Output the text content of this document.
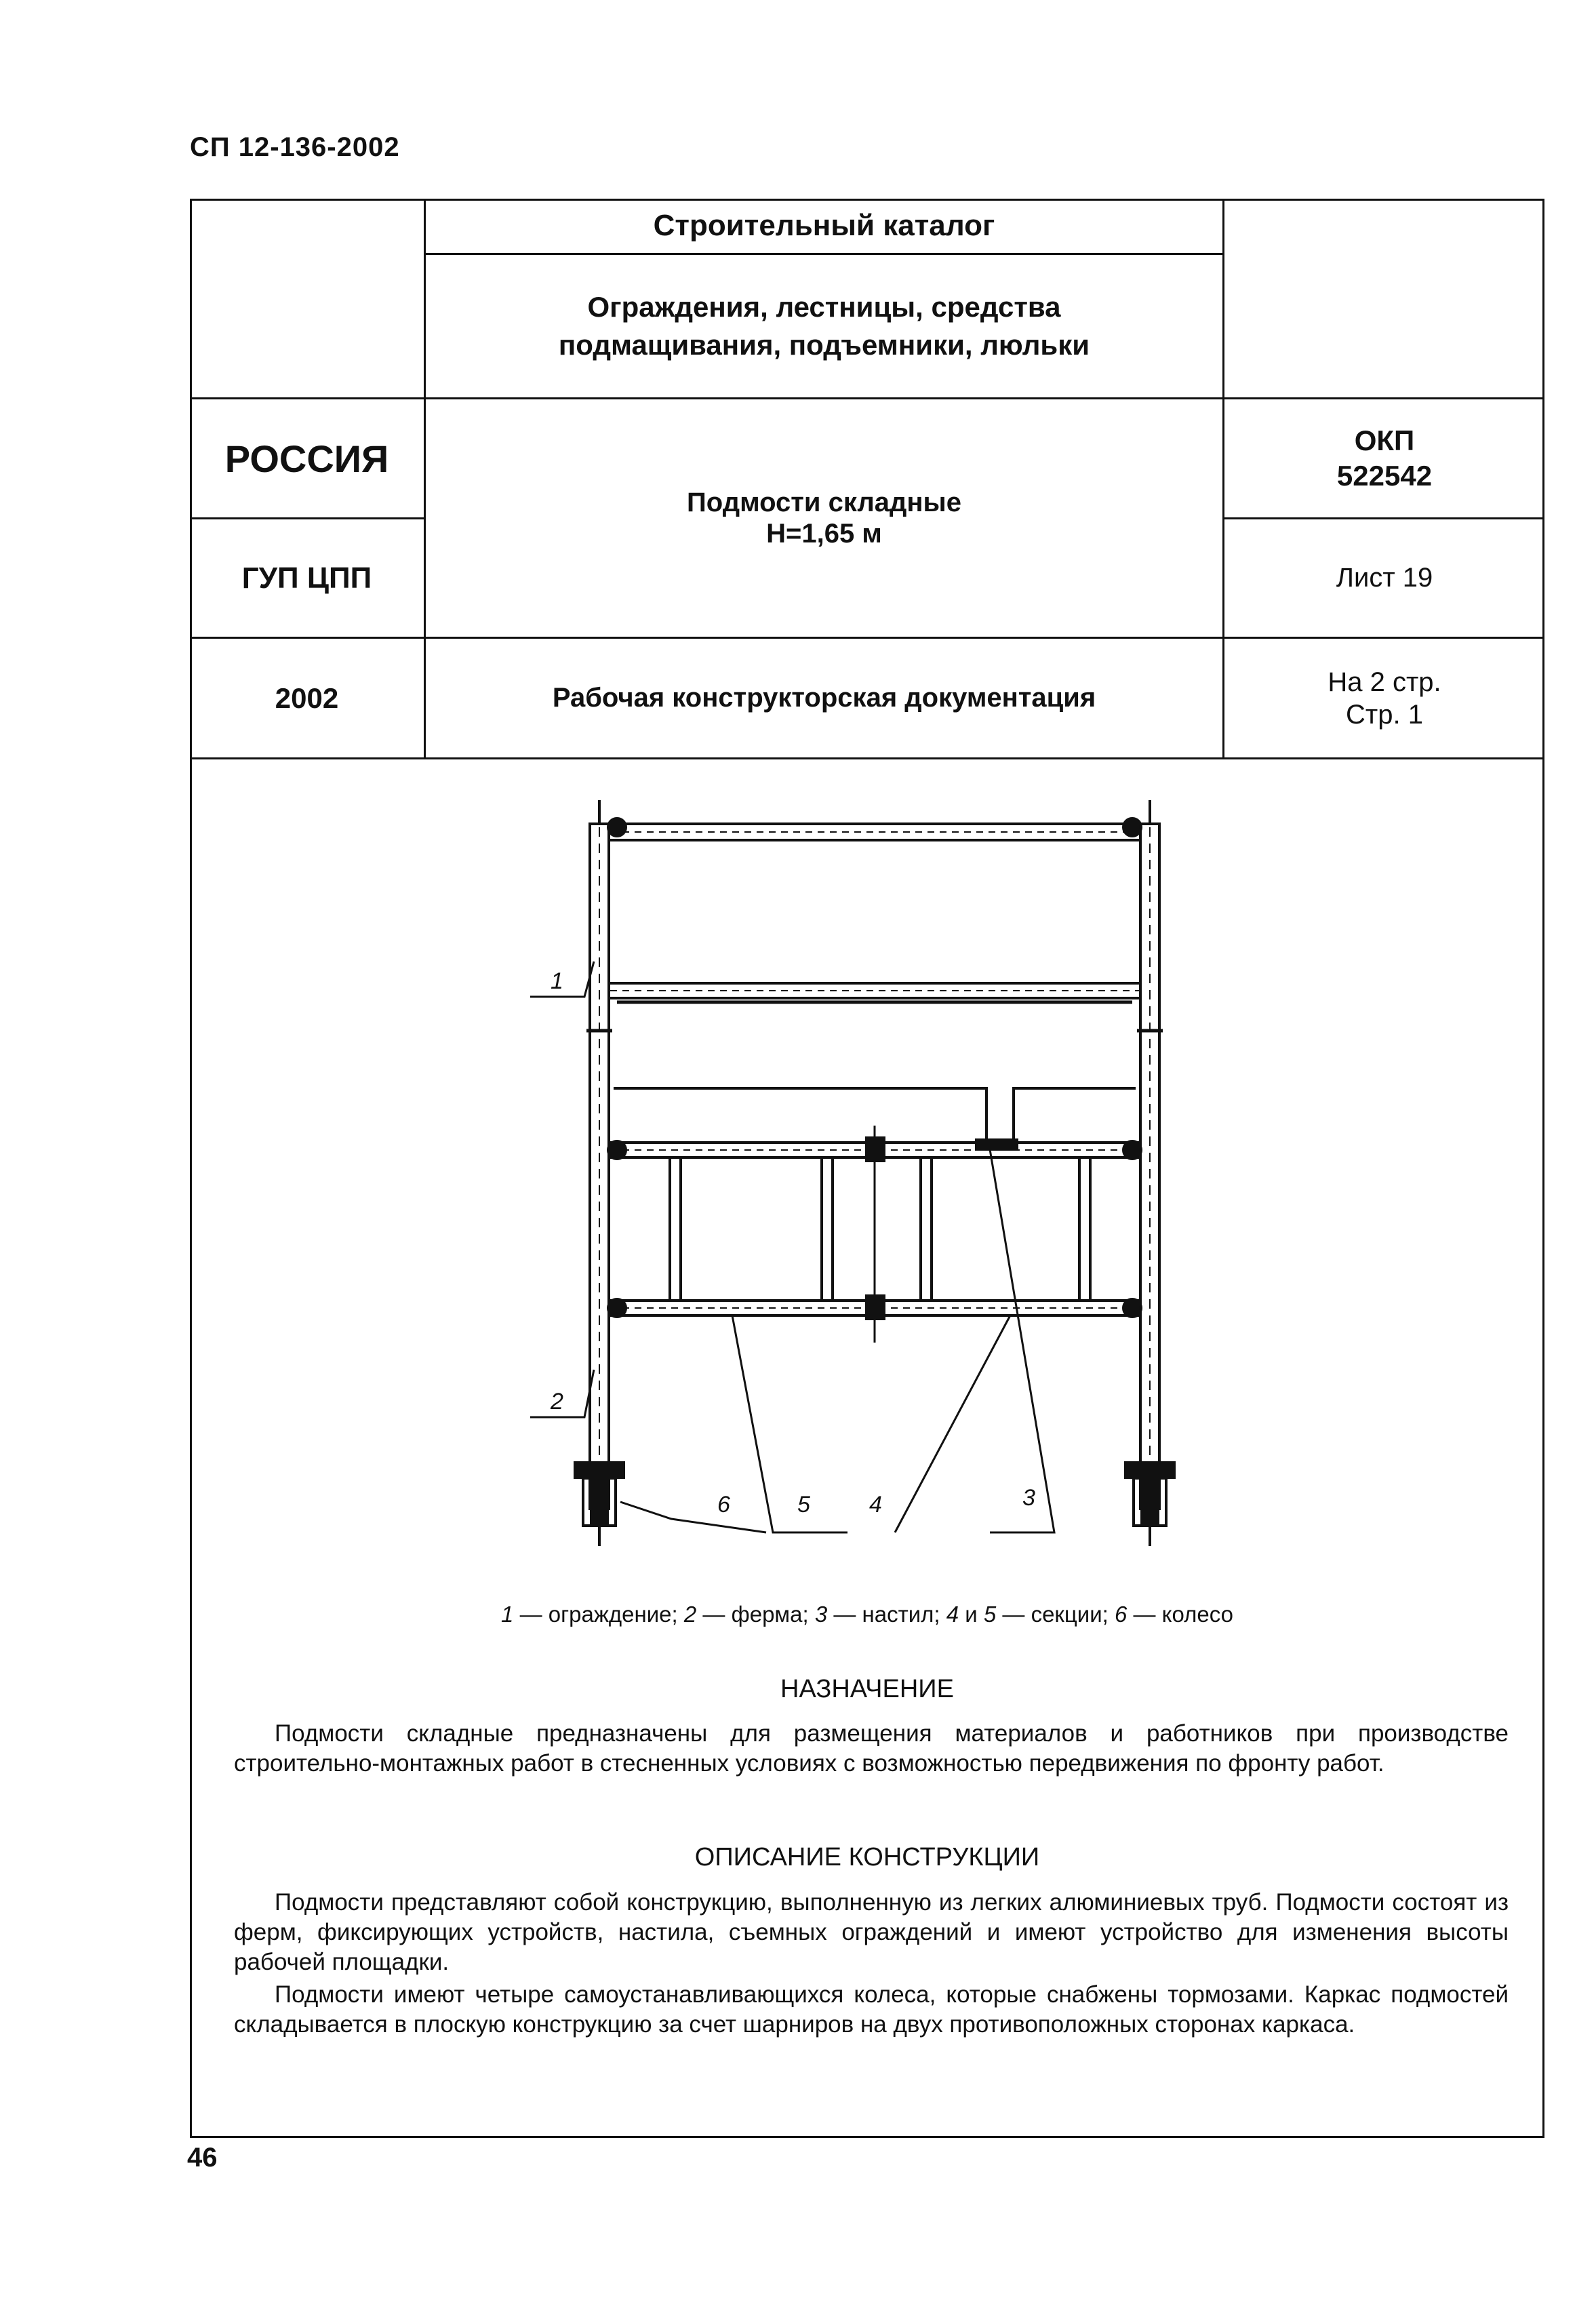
СП 12-136-2002
Строительный каталог
Ограждения, лестницы, средства
подмащивания, подъемники, люльки
РОССИЯ
ГУП ЦПП
Подмости складные
Н=1,65 м
ОКП
522542
Лист 19
2002	Рабочая конструкторская документация
На 2 стр.
Стр. 1
1
2
3
4
5
6
1 — ограждение; 2 — ферма; 3 — настил; 4 и 5 — секции; 6 — колесо
НАЗНАЧЕНИЕ
Подмости складные предназначены для размещения материалов и работников при производстве строительно-монтажных работ в стесненных условиях с возможностью передвижения по фронту работ.
ОПИСАНИЕ КОНСТРУКЦИИ
Подмости представляют собой конструкцию, выполненную из легких алюминиевых труб. Подмости состоят из ферм, фиксирующих устройств, настила, съемных ограждений и имеют устройство для изменения высоты рабочей площадки.
Подмости имеют четыре самоустанавливающихся колеса, которые снабжены тормозами. Каркас подмостей складывается в плоскую конструкцию за счет шарниров на двух противоположных сторонах каркаса.
46
